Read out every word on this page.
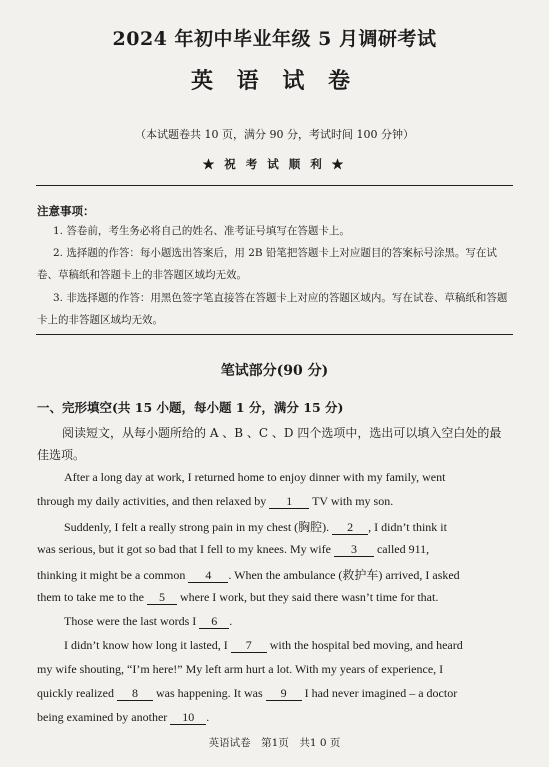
2024 年初中毕业年级 5 月调研考试
英 语 试 卷
（本试题卷共 10 页，满分 90 分，考试时间 100 分钟）
★ 祝 考 试 顺 利 ★
注意事项：
1. 答卷前，考生务必将自己的姓名、准考证号填写在答题卡上。
2. 选择题的作答：每小题选出答案后，用 2B 铅笔把答题卡上对应题目的答案标号涂黑。写在试卷、草稿纸和答题卡上的非答题区域均无效。
3. 非选择题的作答：用黑色签字笔直接答在答题卡上对应的答题区域内。写在试卷、草稿纸和答题卡上的非答题区域均无效。
笔试部分(90 分)
一、完形填空(共 15 小题，每小题 1 分，满分 15 分)
阅读短文，从每小题所给的 A 、B 、C 、D 四个选项中，选出可以填入空白处的最佳选项。
After a long day at work, I returned home to enjoy dinner with my family, went
through my daily activities, and then relaxed by 1 TV with my son.
Suddenly, I felt a really strong pain in my chest (胸腔). 2 , I didn’t think it
was serious, but it got so bad that I fell to my knees. My wife 3 called 911,
thinking it might be a common 4 . When the ambulance (救护车) arrived, I asked
them to take me to the 5 where I work, but they said there wasn’t time for that.
Those were the last words I 6 .
I didn’t know how long it lasted, I 7 with the hospital bed moving, and heard
my wife shouting, “I’m here!” My left arm hurt a lot. With my years of experience, I
quickly realized 8 was happening. It was 9 I had never imagined – a doctor
being examined by another 10 .
英语试卷　第1页　共1 0 页
